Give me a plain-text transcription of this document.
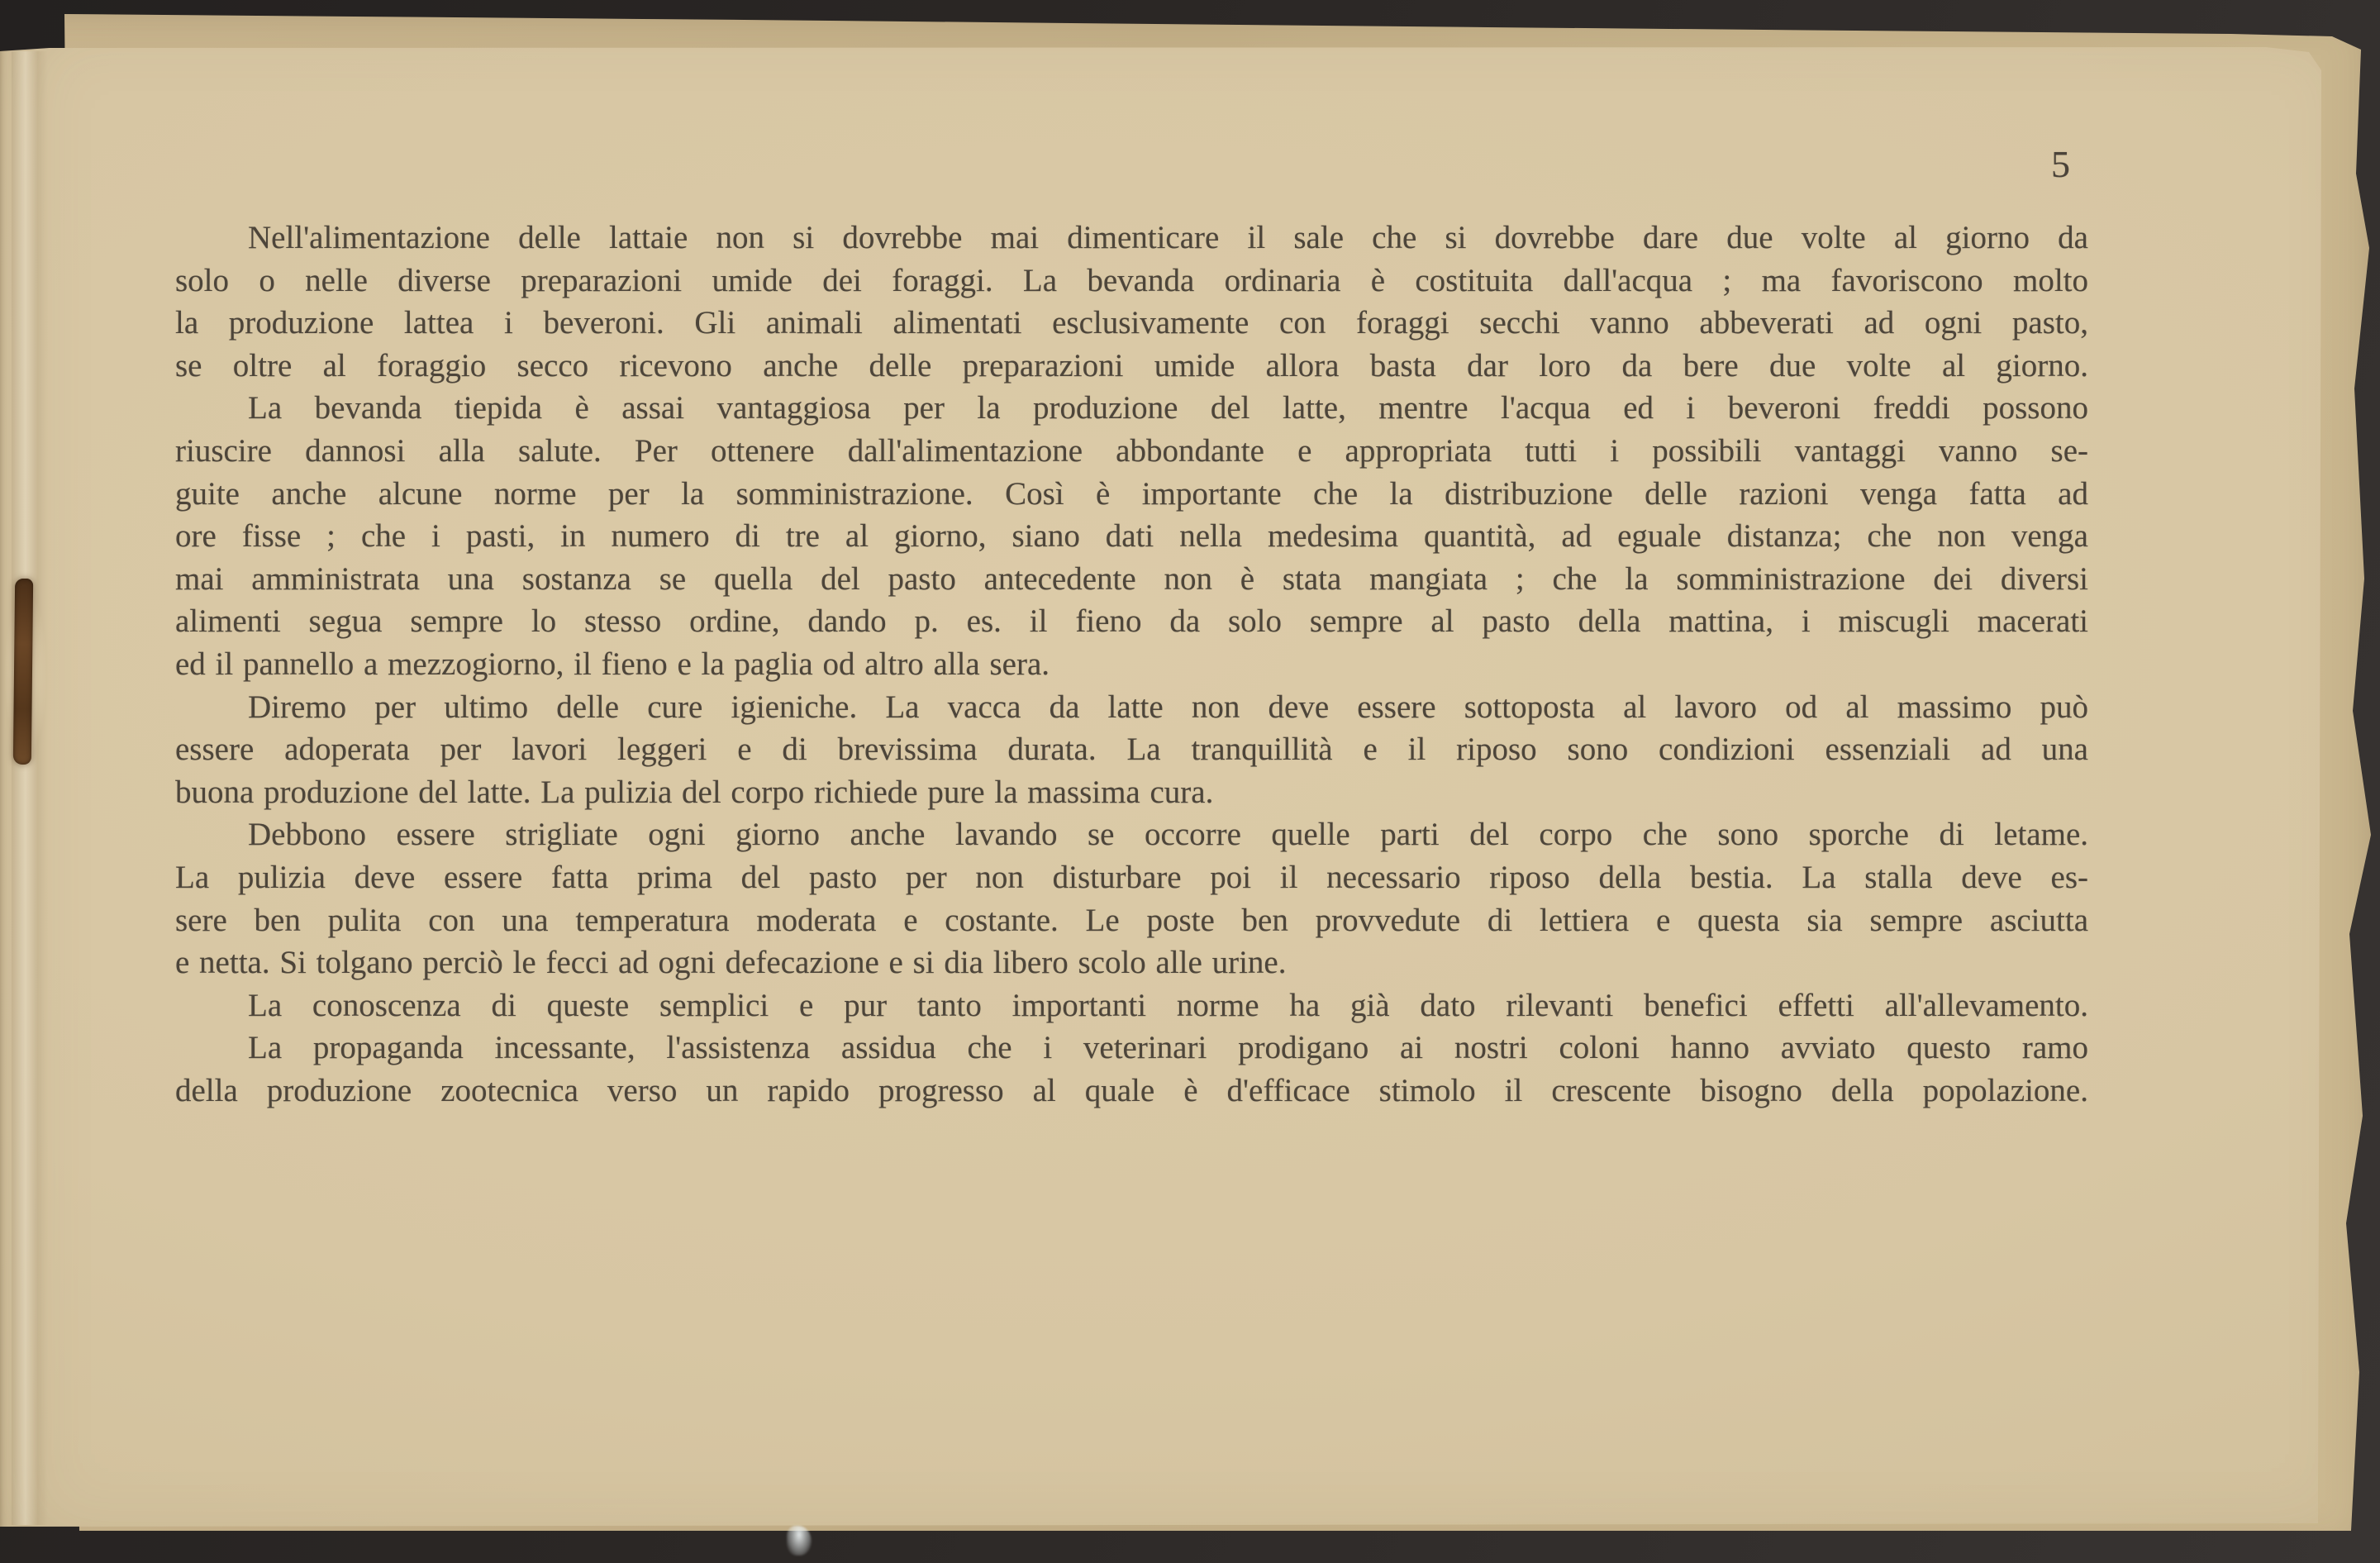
5
Nell'alimentazione delle lattaie non si dovrebbe mai dimenticare il sale che si dovrebbe dare due volte al giorno da
solo o nelle diverse preparazioni umide dei foraggi. La bevanda ordinaria è costituita dall'acqua ; ma favoriscono molto
la produzione lattea i beveroni. Gli animali alimentati esclusivamente con foraggi secchi vanno abbeverati ad ogni pasto,
se oltre al foraggio secco ricevono anche delle preparazioni umide allora basta dar loro da bere due volte al giorno.
La bevanda tiepida è assai vantaggiosa per la produzione del latte, mentre l'acqua ed i beveroni freddi possono
riuscire dannosi alla salute. Per ottenere dall'alimentazione abbondante e appropriata tutti i possibili vantaggi vanno se-
guite anche alcune norme per la somministrazione. Così è importante che la distribuzione delle razioni venga fatta ad
ore fisse ; che i pasti, in numero di tre al giorno, siano dati nella medesima quantità, ad eguale distanza; che non venga
mai amministrata una sostanza se quella del pasto antecedente non è stata mangiata ; che la somministrazione dei diversi
alimenti segua sempre lo stesso ordine, dando p. es. il fieno da solo sempre al pasto della mattina, i miscugli macerati
ed il pannello a mezzogiorno, il fieno e la paglia od altro alla sera.
Diremo per ultimo delle cure igieniche. La vacca da latte non deve essere sottoposta al lavoro od al massimo può
essere adoperata per lavori leggeri e di brevissima durata. La tranquillità e il riposo sono condizioni essenziali ad una
buona produzione del latte. La pulizia del corpo richiede pure la massima cura.
Debbono essere strigliate ogni giorno anche lavando se occorre quelle parti del corpo che sono sporche di letame.
La pulizia deve essere fatta prima del pasto per non disturbare poi il necessario riposo della bestia. La stalla deve es-
sere ben pulita con una temperatura moderata e costante. Le poste ben provvedute di lettiera e questa sia sempre asciutta
e netta. Si tolgano perciò le fecci ad ogni defecazione e si dia libero scolo alle urine.
La conoscenza di queste semplici e pur tanto importanti norme ha già dato rilevanti benefici effetti all'allevamento.
La propaganda incessante, l'assistenza assidua che i veterinari prodigano ai nostri coloni hanno avviato questo ramo
della produzione zootecnica verso un rapido progresso al quale è d'efficace stimolo il crescente bisogno della popolazione.
